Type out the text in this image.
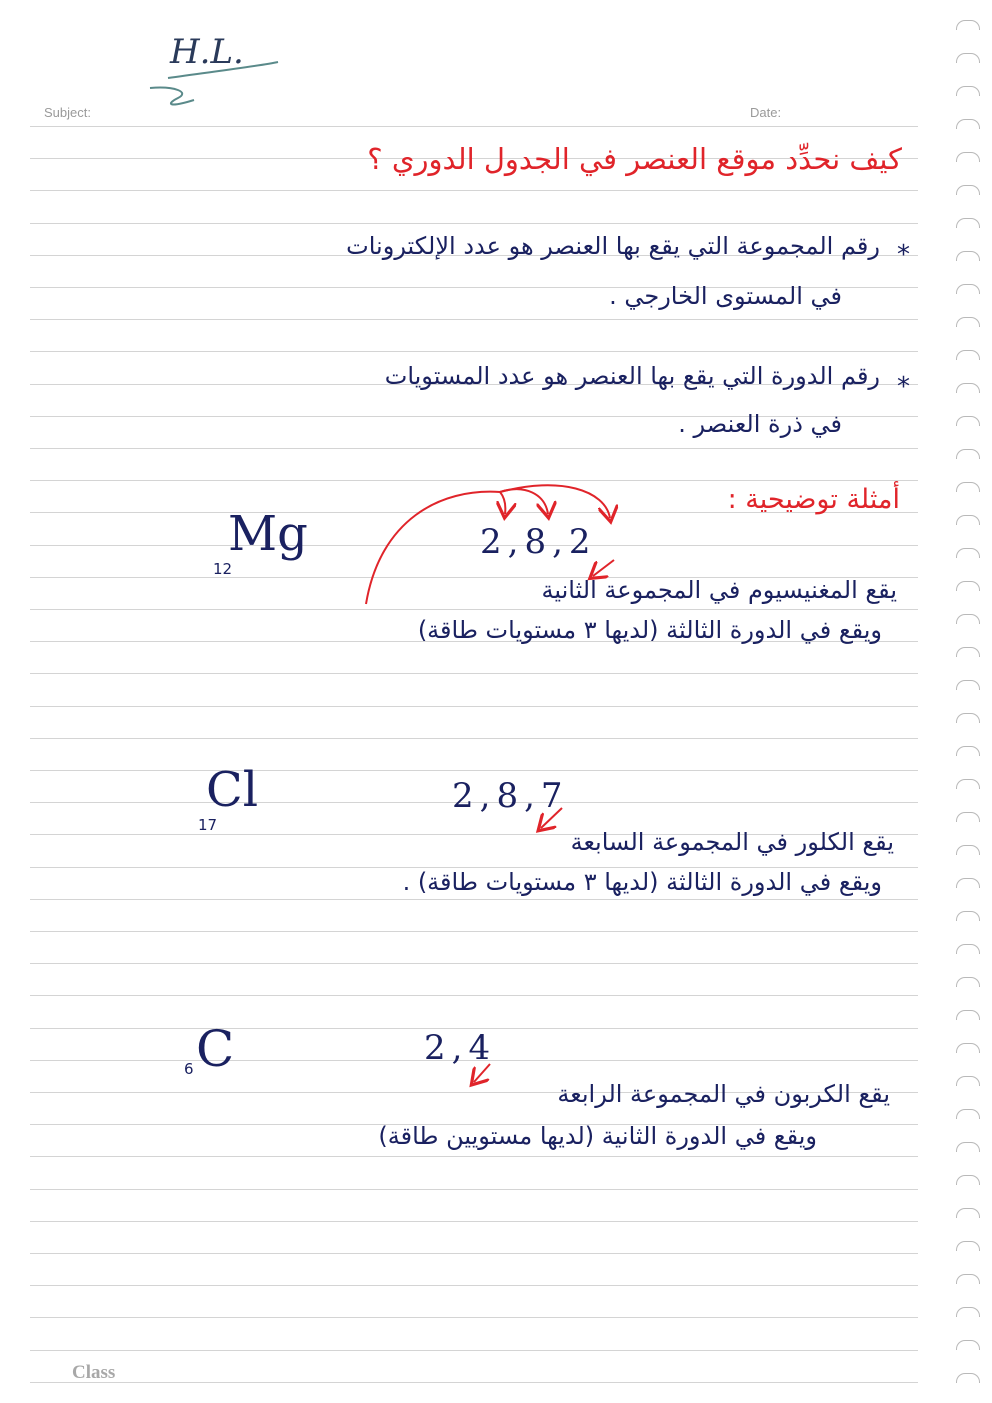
H.L.
Subject:	Date:
كيف نحدِّد موقع العنصر في الجدول الدوري ؟
*
رقم المجموعة التي يقع بها العنصر هو عدد الإلكترونات
في المستوى الخارجي .
*
رقم الدورة التي يقع بها العنصر هو عدد المستويات
في ذرة العنصر .
أمثلة توضيحية :
Mg
12
2,8,2
يقع المغنيسيوم في المجموعة الثانية
ويقع في الدورة الثالثة (لديها ٣ مستويات طاقة)
Cl
17
2,8,7
يقع الكلور في المجموعة السابعة
ويقع في الدورة الثالثة (لديها ٣ مستويات طاقة) .
C
6
2,4
يقع الكربون في المجموعة الرابعة
ويقع في الدورة الثانية (لديها مستويين طاقة)
Class
